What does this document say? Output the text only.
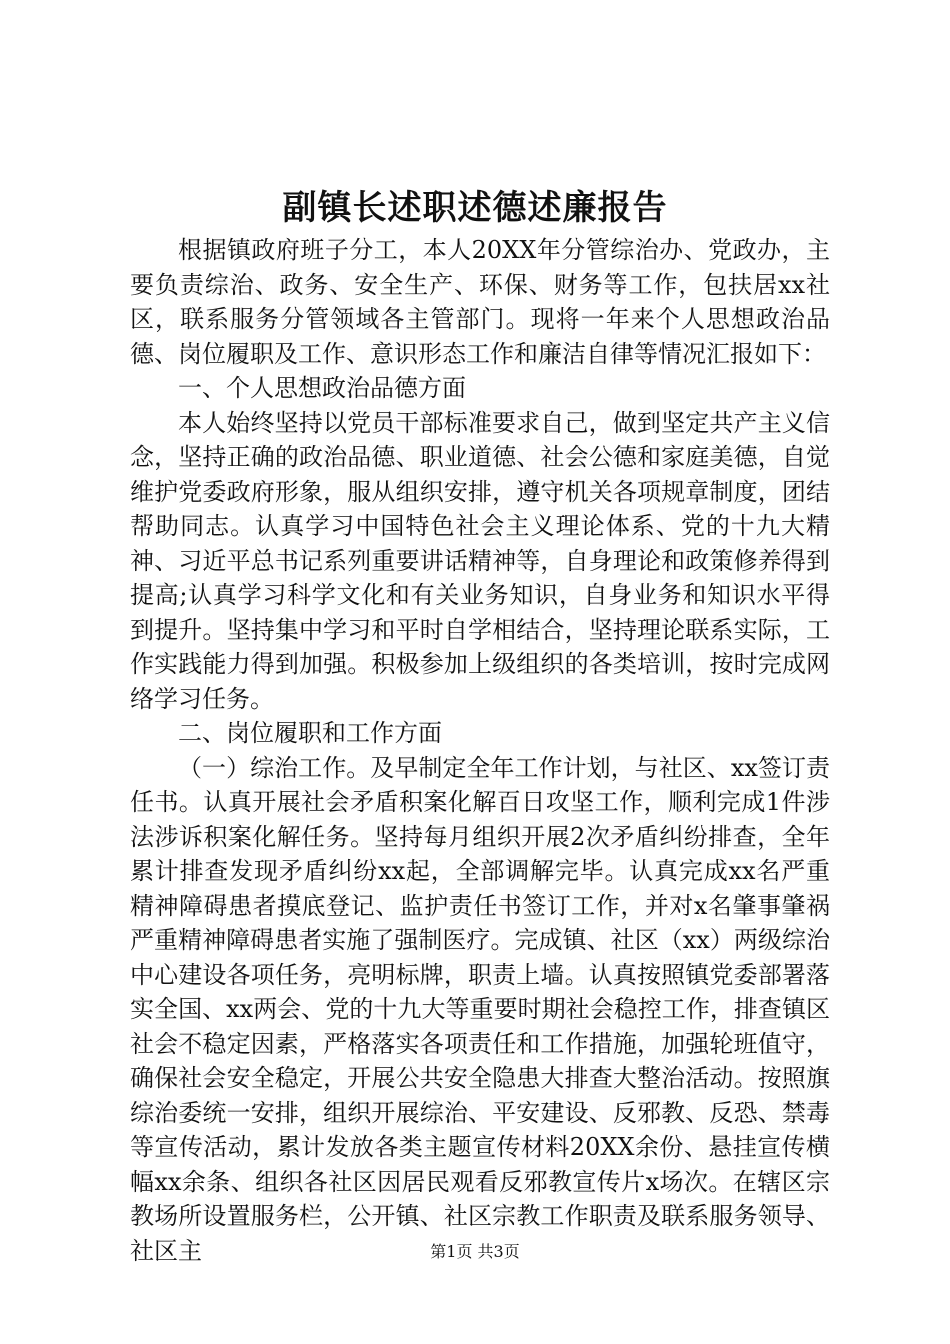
副镇长述职述德述廉报告

根据镇政府班子分工，本人20XX年分管综治办、党政办，主要负责综治、政务、安全生产、环保、财务等工作，包扶居xx社区，联系服务分管领域各主管部门。现将一年来个人思想政治品德、岗位履职及工作、意识形态工作和廉洁自律等情况汇报如下：

一、个人思想政治品德方面

本人始终坚持以党员干部标准要求自己，做到坚定共产主义信念，坚持正确的政治品德、职业道德、社会公德和家庭美德，自觉维护党委政府形象，服从组织安排，遵守机关各项规章制度，团结帮助同志。认真学习中国特色社会主义理论体系、党的十九大精神、习近平总书记系列重要讲话精神等，自身理论和政策修养得到提高;认真学习科学文化和有关业务知识，自身业务和知识水平得到提升。坚持集中学习和平时自学相结合，坚持理论联系实际，工作实践能力得到加强。积极参加上级组织的各类培训，按时完成网络学习任务。

二、岗位履职和工作方面

（一）综治工作。及早制定全年工作计划，与社区、xx签订责任书。认真开展社会矛盾积案化解百日攻坚工作，顺利完成1件涉法涉诉积案化解任务。坚持每月组织开展2次矛盾纠纷排查，全年累计排查发现矛盾纠纷xx起，全部调解完毕。认真完成xx名严重精神障碍患者摸底登记、监护责任书签订工作，并对x名肇事肇祸严重精神障碍患者实施了强制医疗。完成镇、社区（xx）两级综治中心建设各项任务，亮明标牌，职责上墙。认真按照镇党委部署落实全国、xx两会、党的十九大等重要时期社会稳控工作，排查镇区社会不稳定因素，严格落实各项责任和工作措施，加强轮班值守，确保社会安全稳定，开展公共安全隐患大排查大整治活动。按照旗综治委统一安排，组织开展综治、平安建设、反邪教、反恐、禁毒等宣传活动，累计发放各类主题宣传材料20XX余份、悬挂宣传横幅xx余条、组织各社区因居民观看反邪教宣传片x场次。在辖区宗教场所设置服务栏，公开镇、社区宗教工作职责及联系服务领导、社区主	第1页 共3页
